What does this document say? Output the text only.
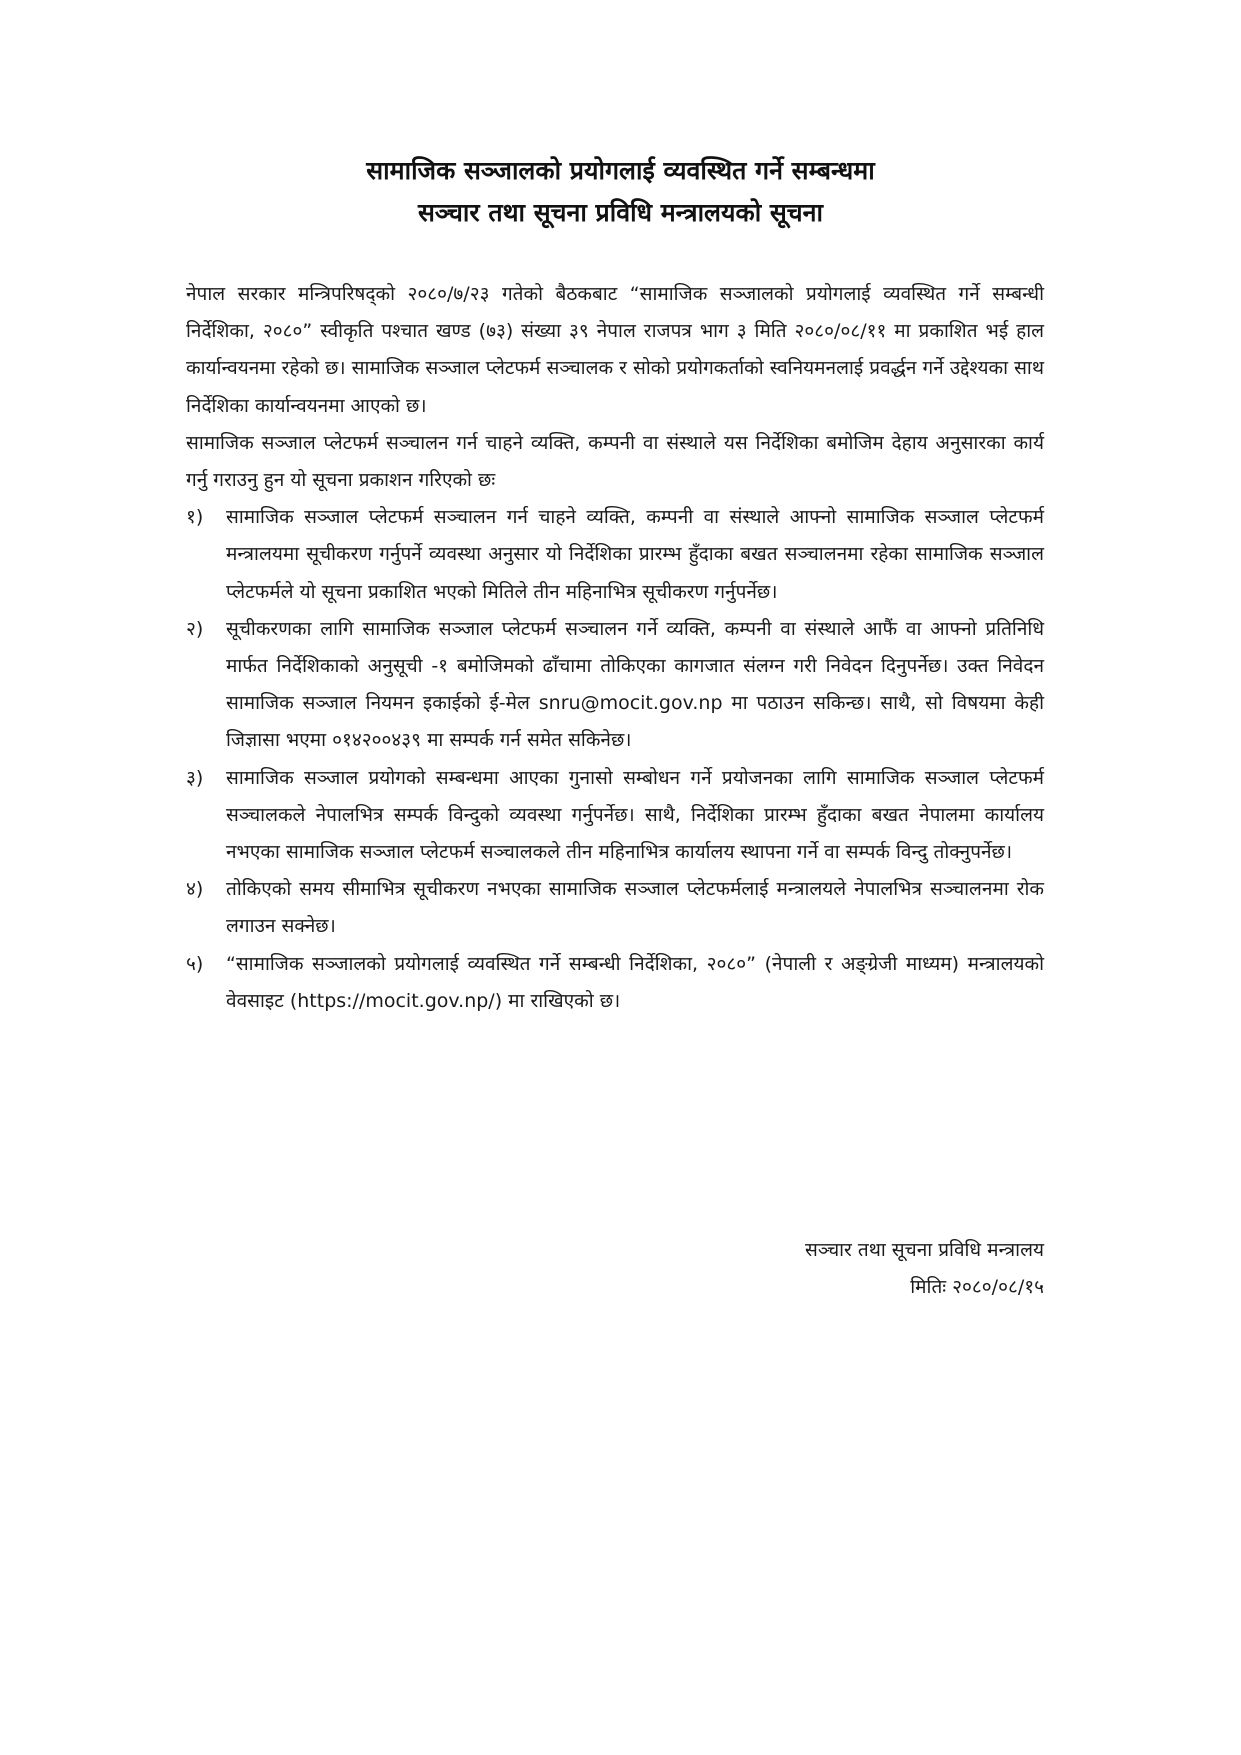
सामाजिक सञ्जालको प्रयोगलाई व्यवस्थित गर्ने सम्बन्धमा
सञ्चार तथा सूचना प्रविधि मन्त्रालयको सूचना

नेपाल सरकार मन्त्रिपरिषद्को २०८०/७/२३ गतेको बैठकबाट “सामाजिक सञ्जालको प्रयोगलाई व्यवस्थित गर्ने सम्बन्धी निर्देशिका, २०८०” स्वीकृति पश्चात खण्ड (७३) संख्या ३९ नेपाल राजपत्र भाग ३ मिति २०८०/०८/११ मा प्रकाशित भई हाल कार्यान्वयनमा रहेको छ। सामाजिक सञ्जाल प्लेटफर्म सञ्चालक र सोको प्रयोगकर्ताको स्वनियमनलाई प्रवर्द्धन गर्ने उद्देश्यका साथ निर्देशिका कार्यान्वयनमा आएको छ।

सामाजिक सञ्जाल प्लेटफर्म सञ्चालन गर्न चाहने व्यक्ति, कम्पनी वा संस्थाले यस निर्देशिका बमोजिम देहाय अनुसारका कार्य गर्नु गराउनु हुन यो सूचना प्रकाशन गरिएको छः

१)	सामाजिक सञ्जाल प्लेटफर्म सञ्चालन गर्न चाहने व्यक्ति, कम्पनी वा संस्थाले आफ्नो सामाजिक सञ्जाल प्लेटफर्म मन्त्रालयमा सूचीकरण गर्नुपर्ने व्यवस्था अनुसार यो निर्देशिका प्रारम्भ हुँदाका बखत सञ्चालनमा रहेका सामाजिक सञ्जाल प्लेटफर्मले यो सूचना प्रकाशित भएको मितिले तीन महिनाभित्र सूचीकरण गर्नुपर्नेछ।
२)	सूचीकरणका लागि सामाजिक सञ्जाल प्लेटफर्म सञ्चालन गर्ने व्यक्ति, कम्पनी वा संस्थाले आफैं वा आफ्नो प्रतिनिधि मार्फत निर्देशिकाको अनुसूची -१ बमोजिमको ढाँचामा तोकिएका कागजात संलग्न गरी निवेदन दिनुपर्नेछ। उक्त निवेदन सामाजिक सञ्जाल नियमन इकाईको ई-मेल snru@mocit.gov.np मा पठाउन सकिन्छ। साथै, सो विषयमा केही जिज्ञासा भएमा ०१४२००४३९ मा सम्पर्क गर्न समेत सकिनेछ।
३)	सामाजिक सञ्जाल प्रयोगको सम्बन्धमा आएका गुनासो सम्बोधन गर्ने प्रयोजनका लागि सामाजिक सञ्जाल प्लेटफर्म सञ्चालकले नेपालभित्र सम्पर्क विन्दुको व्यवस्था गर्नुपर्नेछ। साथै, निर्देशिका प्रारम्भ हुँदाका बखत नेपालमा कार्यालय नभएका सामाजिक सञ्जाल प्लेटफर्म सञ्चालकले तीन महिनाभित्र कार्यालय स्थापना गर्ने वा सम्पर्क विन्दु तोक्नुपर्नेछ।
४)	तोकिएको समय सीमाभित्र सूचीकरण नभएका सामाजिक सञ्जाल प्लेटफर्मलाई मन्त्रालयले नेपालभित्र सञ्चालनमा रोक लगाउन सक्नेछ।
५)	“सामाजिक सञ्जालको प्रयोगलाई व्यवस्थित गर्ने सम्बन्धी निर्देशिका, २०८०” (नेपाली र अङ्ग्रेजी माध्यम) मन्त्रालयको वेवसाइट (https://mocit.gov.np/) मा राखिएको छ।
सञ्चार तथा सूचना प्रविधि मन्त्रालय
मितिः २०८०/०८/१५
